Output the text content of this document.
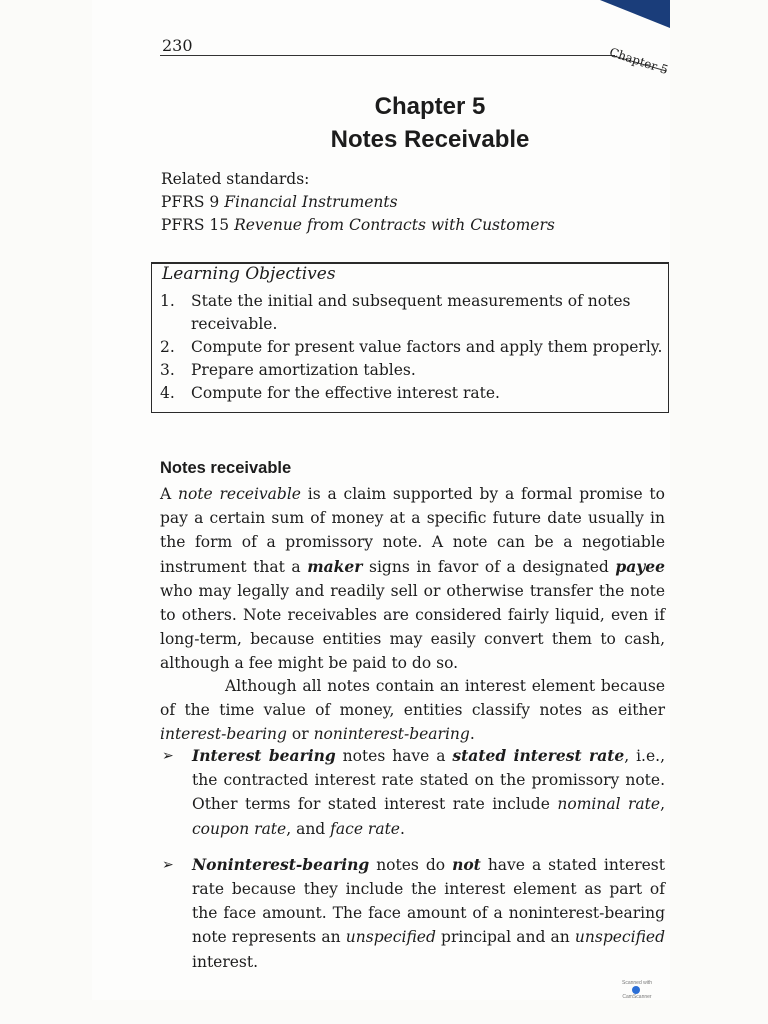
230	Chapter 5
Chapter 5
Notes Receivable
Related standards:
PFRS 9 Financial Instruments
PFRS 15 Revenue from Contracts with Customers
Learning Objectives
1. State the initial and subsequent measurements of notes receivable.
2. Compute for present value factors and apply them properly.
3. Prepare amortization tables.
4. Compute for the effective interest rate.
Notes receivable

A note receivable is a claim supported by a formal promise to pay a certain sum of money at a specific future date usually in the form of a promissory note. A note can be a negotiable instrument that a maker signs in favor of a designated payee who may legally and readily sell or otherwise transfer the note to others. Note receivables are considered fairly liquid, even if long-term, because entities may easily convert them to cash, although a fee might be paid to do so.

Although all notes contain an interest element because of the time value of money, entities classify notes as either interest-bearing or noninterest-bearing.

➢ Interest bearing notes have a stated interest rate, i.e., the contracted interest rate stated on the promissory note. Other terms for stated interest rate include nominal rate, coupon rate, and face rate.
➢ Noninterest-bearing notes do not have a stated interest rate because they include the interest element as part of the face amount. The face amount of a noninterest-bearing note represents an unspecified principal and an unspecified interest.
Scanned with
CamScanner
